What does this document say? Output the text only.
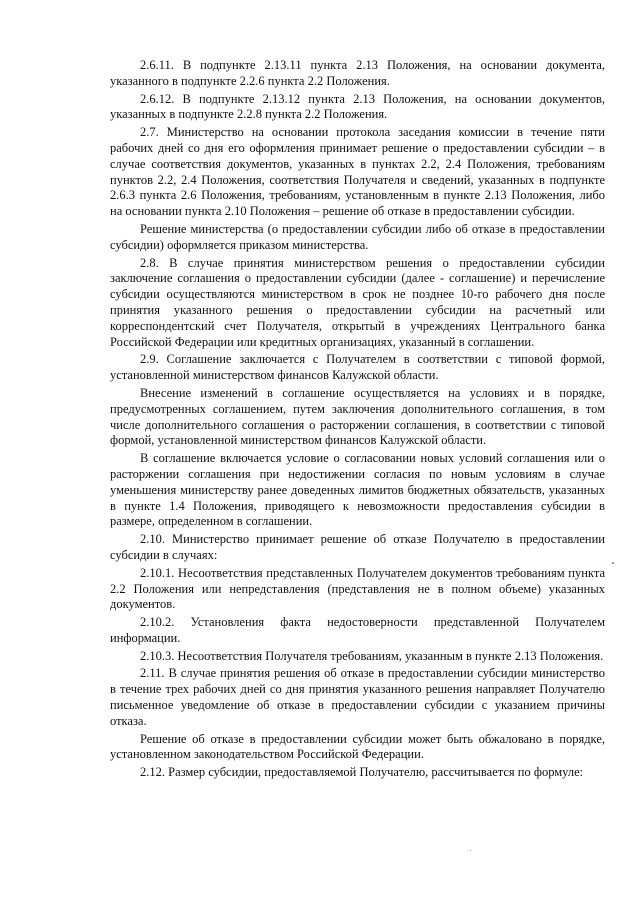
2.6.11. В подпункте 2.13.11 пункта 2.13 Положения, на основании документа, указанного в подпункте 2.2.6 пункта 2.2 Положения.

2.6.12. В подпункте 2.13.12 пункта 2.13 Положения, на основании документов, указанных в подпункте 2.2.8 пункта 2.2 Положения.

2.7. Министерство на основании протокола заседания комиссии в течение пяти рабочих дней со дня его оформления принимает решение о предоставлении субсидии – в случае соответствия документов, указанных в пунктах 2.2, 2.4 Положения, требованиям пунктов 2.2, 2.4 Положения, соответствия Получателя и сведений, указанных в подпункте 2.6.3 пункта 2.6 Положения, требованиям, установленным в пункте 2.13 Положения, либо на основании пункта 2.10 Положения – решение об отказе в предоставлении субсидии.

Решение министерства (о предоставлении субсидии либо об отказе в предоставлении субсидии) оформляется приказом министерства.

2.8. В случае принятия министерством решения о предоставлении субсидии заключение соглашения о предоставлении субсидии (далее - соглашение) и перечисление субсидии осуществляются министерством в срок не позднее 10-го рабочего дня после принятия указанного решения о предоставлении субсидии на расчетный или корреспондентский счет Получателя, открытый в учреждениях Центрального банка Российской Федерации или кредитных организациях, указанный в соглашении.

2.9. Соглашение заключается с Получателем в соответствии с типовой формой, установленной министерством финансов Калужской области.

Внесение изменений в соглашение осуществляется на условиях и в порядке, предусмотренных соглашением, путем заключения дополнительного соглашения, в том числе дополнительного соглашения о расторжении соглашения, в соответствии с типовой формой, установленной министерством финансов Калужской области.

В соглашение включается условие о согласовании новых условий соглашения или о расторжении соглашения при недостижении согласия по новым условиям в случае уменьшения министерству ранее доведенных лимитов бюджетных обязательств, указанных в пункте 1.4 Положения, приводящего к невозможности предоставления субсидии в размере, определенном в соглашении.

2.10. Министерство принимает решение об отказе Получателю в предоставлении субсидии в случаях:

2.10.1. Несоответствия представленных Получателем документов требованиям пункта 2.2 Положения или непредставления (представления не в полном объеме) указанных документов.

2.10.2. Установления факта недостоверности представленной Получателем информации.

2.10.3. Несоответствия Получателя требованиям, указанным в пункте 2.13 Положения.

2.11. В случае принятия решения об отказе в предоставлении субсидии министерство в течение трех рабочих дней со дня принятия указанного решения направляет Получателю письменное уведомление об отказе в предоставлении субсидии с указанием причины отказа.

Решение об отказе в предоставлении субсидии может быть обжаловано в порядке, установленном законодательством Российской Федерации.

2.12. Размер субсидии, предоставляемой Получателю, рассчитывается по формуле:
